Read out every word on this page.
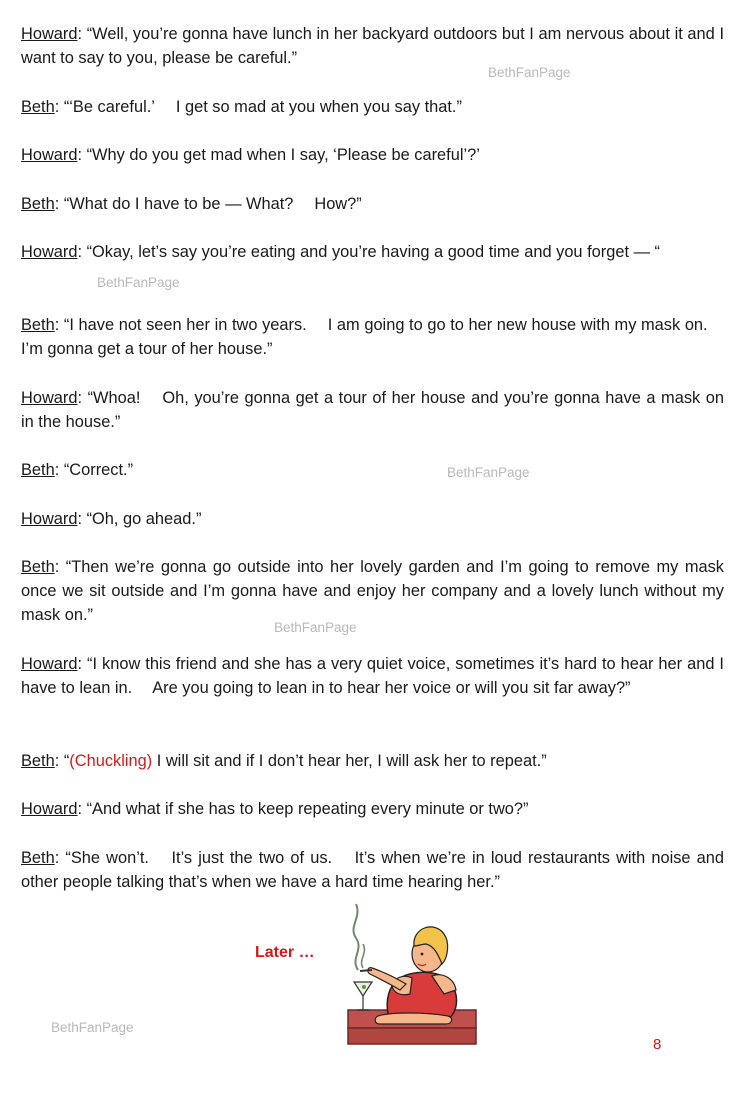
Howard: “Well, you’re gonna have lunch in her backyard outdoors but I am nervous about it and I want to say to you, please be careful.”

Beth: “‘Be careful.’  I get so mad at you when you say that.”

Howard: “Why do you get mad when I say, ‘Please be careful’?’

Beth: “What do I have to be — What?  How?”

Howard: “Okay, let’s say you’re eating and you’re having a good time and you forget — “

Beth: “I have not seen her in two years.  I am going to go to her new house with my mask on.  I’m gonna get a tour of her house.”

Howard: “Whoa!  Oh, you’re gonna get a tour of her house and you’re gonna have a mask on in the house.”

Beth: “Correct.”

Howard: “Oh, go ahead.”

Beth: “Then we’re gonna go outside into her lovely garden and I’m going to remove my mask once we sit outside and I’m gonna have and enjoy her company and a lovely lunch without my mask on.”

Howard: “I know this friend and she has a very quiet voice, sometimes it’s hard to hear her and I have to lean in.  Are you going to lean in to hear her voice or will you sit far away?”

Beth: “(Chuckling) I will sit and if I don’t hear her, I will ask her to repeat.”

Howard: “And what if she has to keep repeating every minute or two?”

Beth: “She won’t.  It’s just the two of us.  It’s when we’re in loud restaurants with noise and other people talking that’s when we have a hard time hearing her.”

BethFanPage
BethFanPage
BethFanPage
BethFanPage
BethFanPage
Later …
8
